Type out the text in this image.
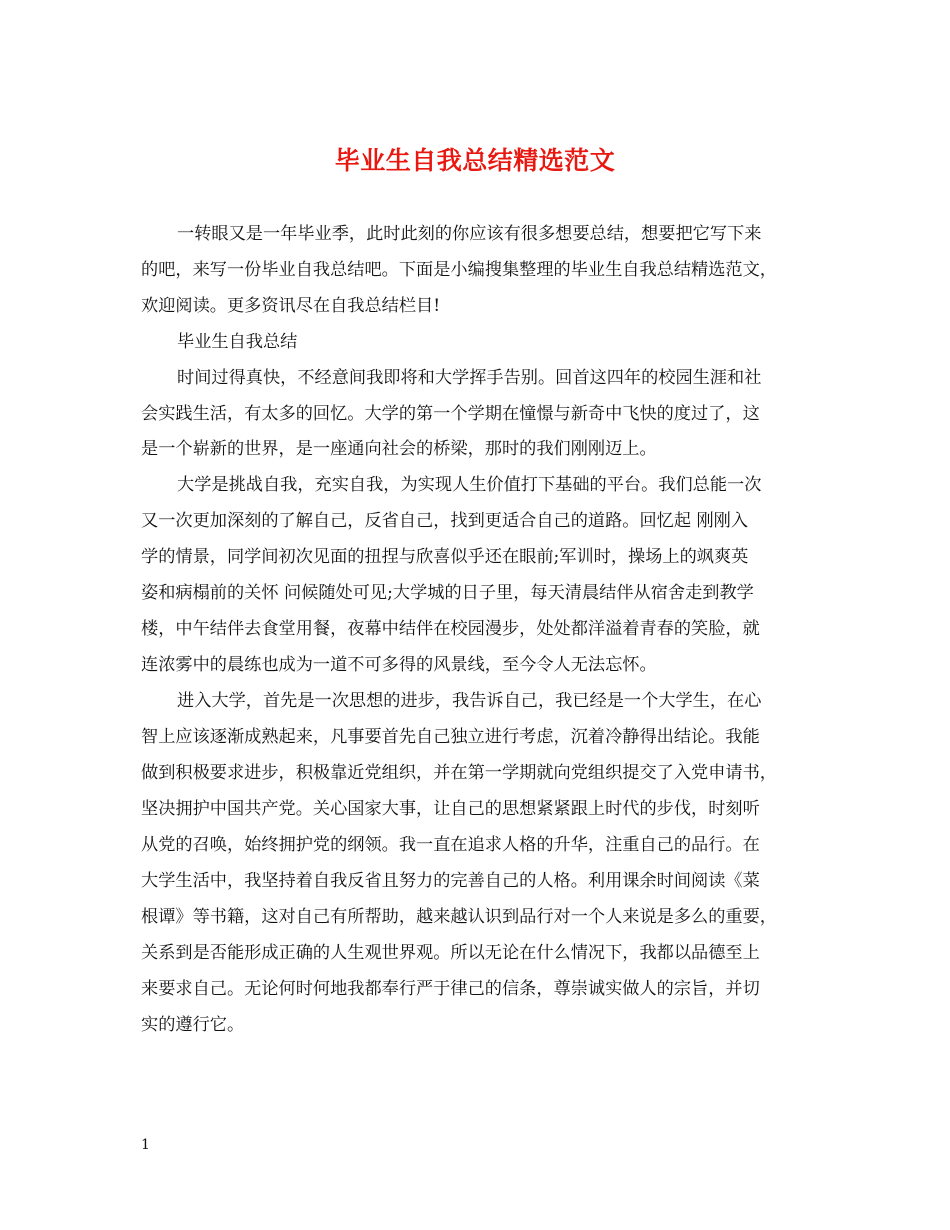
毕业生自我总结精选范文

一转眼又是一年毕业季，此时此刻的你应该有很多想要总结，想要把它写下来

的吧，来写一份毕业自我总结吧。下面是小编搜集整理的毕业生自我总结精选范文，

欢迎阅读。更多资讯尽在自我总结栏目!

毕业生自我总结

时间过得真快，不经意间我即将和大学挥手告别。回首这四年的校园生涯和社

会实践生活，有太多的回忆。大学的第一个学期在憧憬与新奇中飞快的度过了，这

是一个崭新的世界，是一座通向社会的桥梁，那时的我们刚刚迈上。

大学是挑战自我，充实自我，为实现人生价值打下基础的平台。我们总能一次

又一次更加深刻的了解自己，反省自己，找到更适合自己的道路。回忆起 刚刚入

学的情景，同学间初次见面的扭捏与欣喜似乎还在眼前;军训时，操场上的飒爽英

姿和病榻前的关怀 问候随处可见;大学城的日子里，每天清晨结伴从宿舍走到教学

楼，中午结伴去食堂用餐，夜幕中结伴在校园漫步，处处都洋溢着青春的笑脸，就

连浓雾中的晨练也成为一道不可多得的风景线，至今令人无法忘怀。

进入大学，首先是一次思想的进步，我告诉自己，我已经是一个大学生，在心

智上应该逐渐成熟起来，凡事要首先自己独立进行考虑，沉着冷静得出结论。我能

做到积极要求进步，积极靠近党组织，并在第一学期就向党组织提交了入党申请书，

坚决拥护中国共产党。关心国家大事，让自己的思想紧紧跟上时代的步伐，时刻听

从党的召唤，始终拥护党的纲领。我一直在追求人格的升华，注重自己的品行。在

大学生活中，我坚持着自我反省且努力的完善自己的人格。利用课余时间阅读《菜

根谭》等书籍，这对自己有所帮助，越来越认识到品行对一个人来说是多么的重要，

关系到是否能形成正确的人生观世界观。所以无论在什么情况下，我都以品德至上

来要求自己。无论何时何地我都奉行严于律己的信条，尊崇诚实做人的宗旨，并切

实的遵行它。

1
